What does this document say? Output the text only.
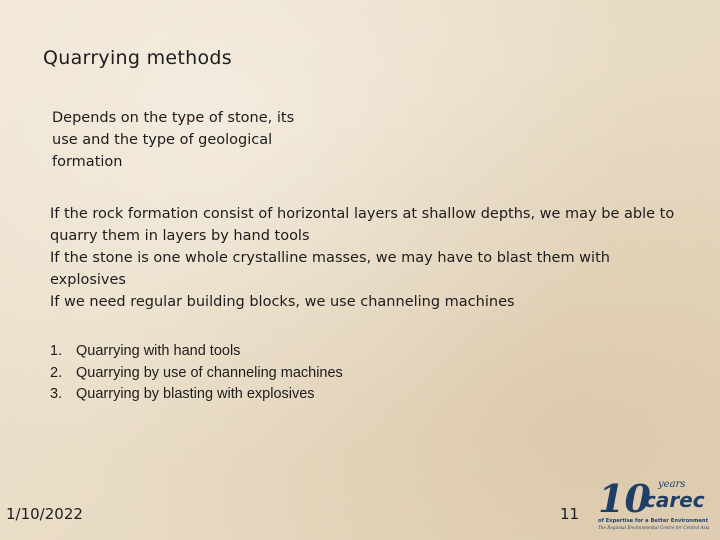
Quarrying methods
Depends on the type of stone, its use and the type of geological formation
If the rock formation consist of horizontal layers at shallow depths, we may be able to quarry them in layers by hand tools
If the stone is one whole crystalline masses, we may have to blast them with explosives
If we need regular building blocks, we use channeling machines
1. Quarrying with hand tools
2. Quarrying by use of channeling machines
3. Quarrying by blasting with explosives
1/10/2022	11 10 years
carec
of Expertise for a Better Environment
The Regional Environmental Centre for Central Asia
